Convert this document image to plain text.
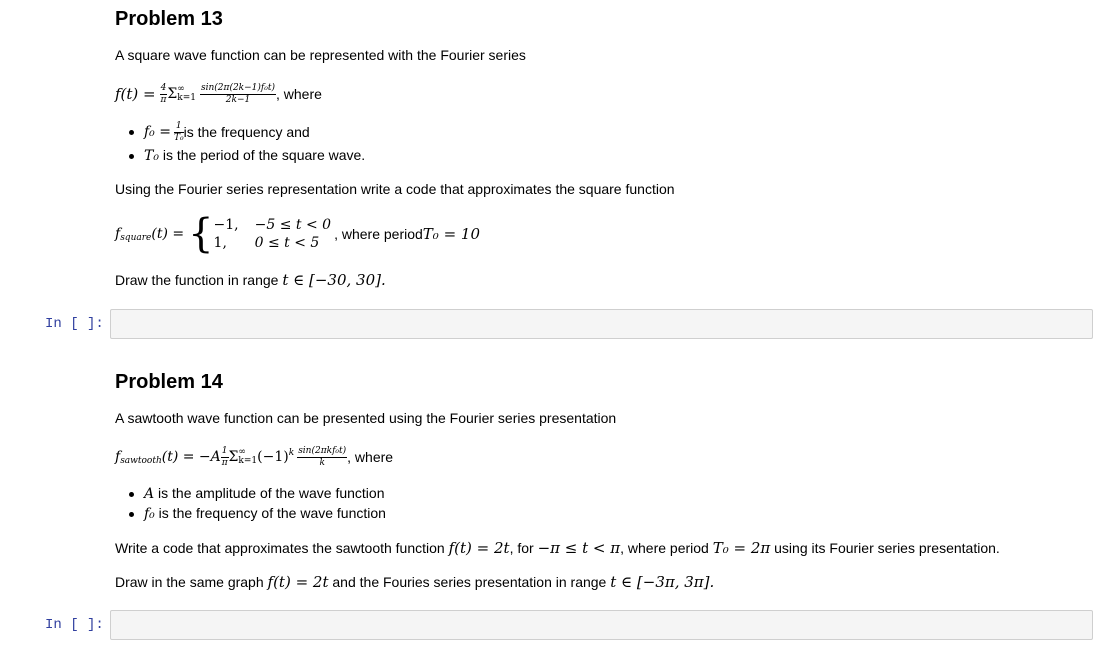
Problem 13
A square wave function can be represented with the Fourier series
$f(t) = \frac{4}{\pi}$ Σ ∞
$k=1 \frac{\text{sin(2π(2k−1)f₀t)}}{2k-1}$ , where
$f_0 = \frac{1}{\text{T₀}}$ is the frequency and
T₀ is the period of the square wave.
Using the Fourier series representation write a code that approximates the square function
f square (t) = { −1, −5 ≤ t < 0
1,	0 ≤ t < 5
, where period T₀ = 10
Draw the function in range t ∈ [−30, 30].
In [ ]:
Problem 14
A sawtooth wave function can be presented using the Fourier series presentation
f sawtooth $(t) = -A \frac{1}{\pi}$ Σ ∞
k=1 (−1) k $\frac{\text{sin(2πkf₀t)}}{k}$ , where
A is the amplitude of the wave function
f₀ is the frequency of the wave function
Write a code that approximates the sawtooth function f(t) = 2t, for −π ≤ t < π, where period T₀ = 2π using its Fourier series presentation.
Draw in the same graph f(t) = 2t and the Fouries series presentation in range t ∈ [−3π, 3π].
In [ ]:
